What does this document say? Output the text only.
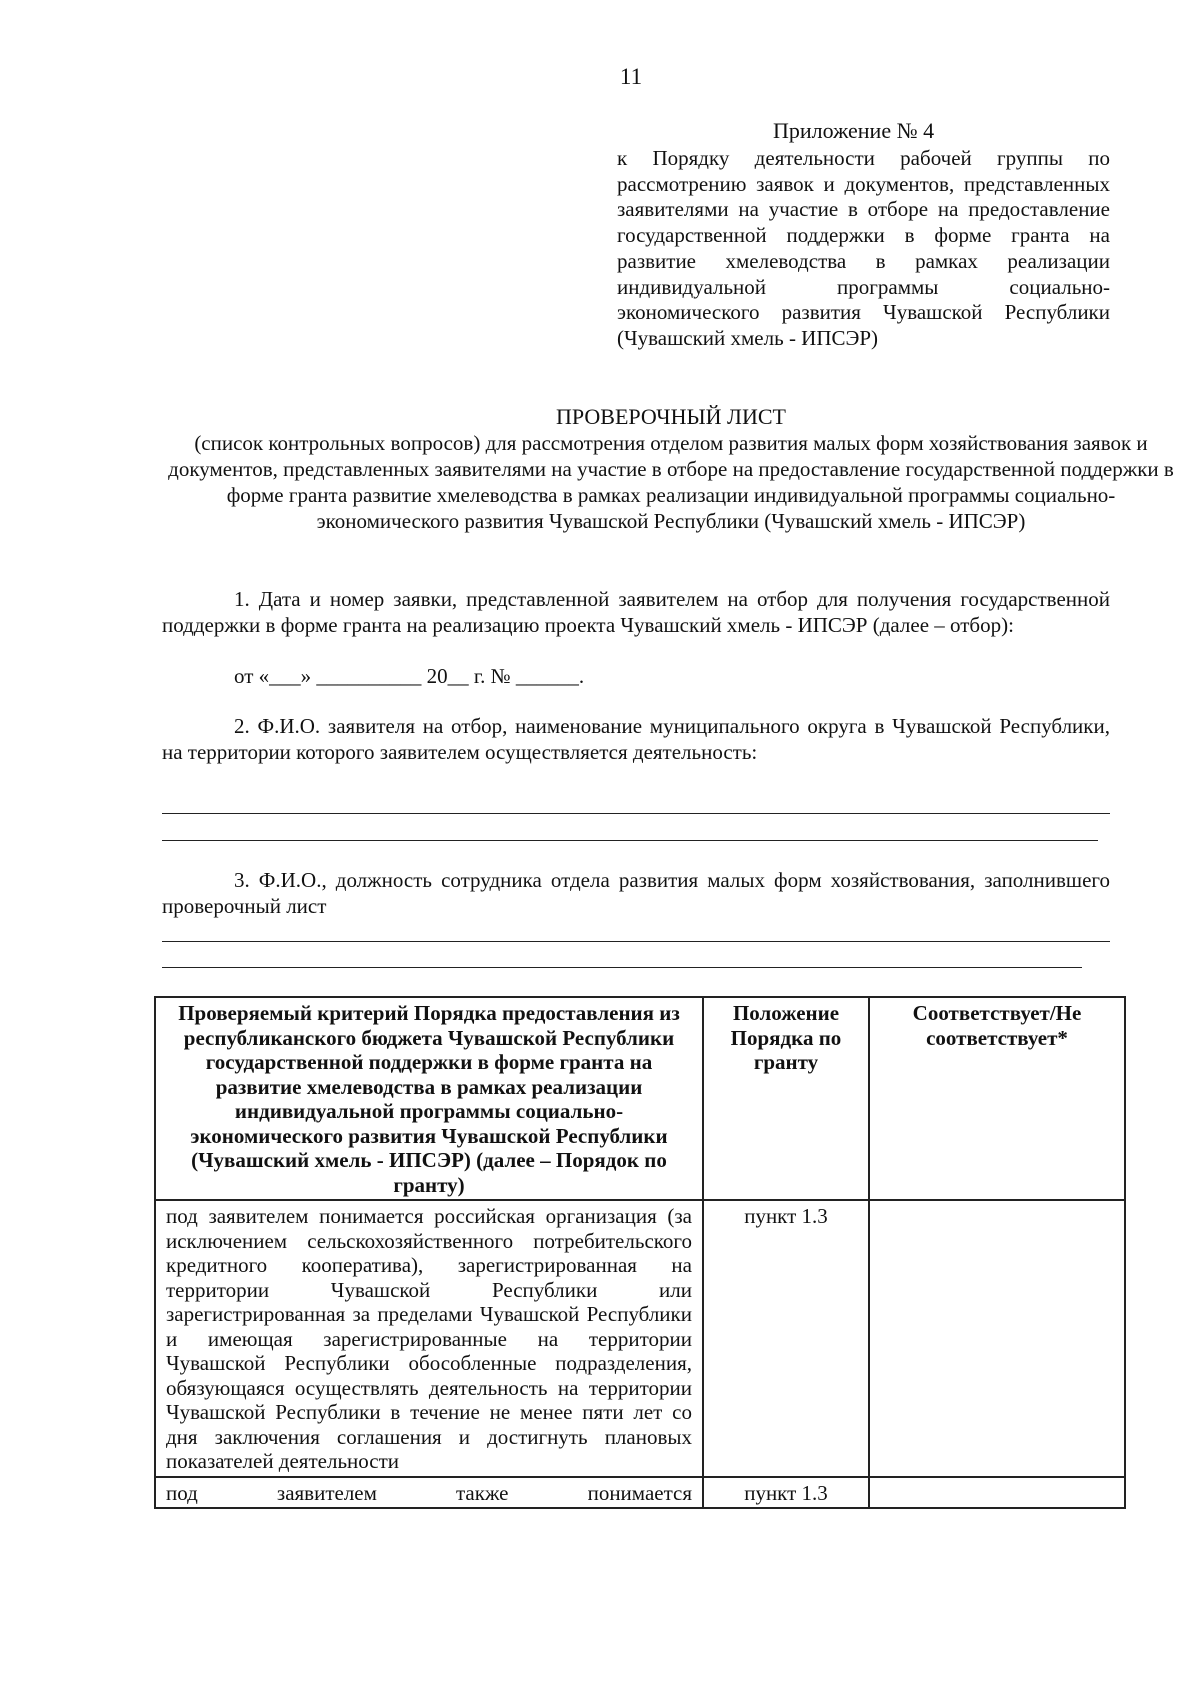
11
Приложение № 4
к Порядку деятельности рабочей группы по рассмотрению заявок и документов, представленных заявителями на участие в отборе на предоставление государственной поддержки в форме гранта на развитие хмелеводства в рамках реализации индивидуальной программы социально-экономического развития Чувашской Республики (Чувашский хмель - ИПСЭР)
ПРОВЕРОЧНЫЙ ЛИСТ
(список контрольных вопросов) для рассмотрения отделом развития малых форм хозяйствования заявок и документов, представленных заявителями на участие в отборе на предоставление государственной поддержки в форме гранта развитие хмелеводства в рамках реализации индивидуальной программы социально-экономического развития Чувашской Республики (Чувашский хмель - ИПСЭР)
1. Дата и номер заявки, представленной заявителем на отбор для получения государственной поддержки в форме гранта на реализацию проекта Чувашский хмель - ИПСЭР (далее – отбор):
от «___» __________ 20__ г. № ______.
2. Ф.И.О. заявителя на отбор, наименование муниципального округа в Чувашской Республики, на территории которого заявителем осуществляется деятельность:
3. Ф.И.О., должность сотрудника отдела развития малых форм хозяйствования, заполнившего проверочный лист
Проверяемый критерий Порядка предоставления из республиканского бюджета Чувашской Республики государственной поддержки в форме гранта на развитие хмелеводства в рамках реализации индивидуальной программы социально-экономического развития Чувашской Республики (Чувашский хмель - ИПСЭР) (далее – Порядок по гранту)	Положение Порядка по гранту	Соответствует/Не соответствует*
под заявителем понимается российская организация (за исключением сельскохозяйственного потребительского кредитного кооператива), зарегистрированная на территории Чувашской Республики или зарегистрированная за пределами Чувашской Республики и имеющая зарегистрированные на территории Чувашской Республики обособленные подразделения, обязующаяся осуществлять деятельность на территории Чувашской Республики в течение не менее пяти лет со дня заключения соглашения и достигнуть плановых показателей деятельности	пункт 1.3	
под заявителем также понимается	пункт 1.3	
